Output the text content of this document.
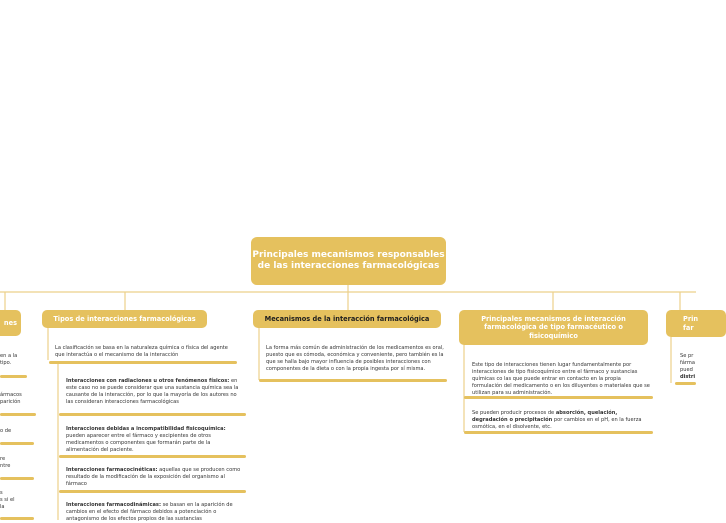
Principales mecanismos responsables de las interacciones farmacológicas
nes	Tipos de interacciones farmacológicas	Mecanismos de la interacción farmacológica	Principales mecanismos de interacción farmacológica de tipo farmacéutico o fisicoquímico
Prin far
en a la
tipo.
ármacos
parición
o de
re
ntre
s
s si el
la
La clasificación se basa en la naturaleza química o física del agente que interactúa o el mecanismo de la interacción
Interacciones con radiaciones u otros fenómenos físicos: en este caso no se puede considerar que una sustancia química sea la causante de la interacción, por lo que la mayoría de los autores no las consideran interacciones farmacológicas
Interacciones debidas a incompatibilidad fisicoquímica: pueden aparecer entre el fármaco y excipientes de otros medicamentos o componentes que formarán parte de la alimentación del paciente.
Interacciones farmacocinéticas: aquellas que se producen como resultado de la modificación de la exposición del organismo al fármaco
Interacciones farmacodinámicas: se basan en la aparición de cambios en el efecto del fármaco debidos a potenciación o antagonismo de los efectos propios de las sustancias
La forma más común de administración de los medicamentos es oral, puesto que es cómoda, económica y conveniente, pero también es la que se halla bajo mayor influencia de posibles interacciones con componentes de la dieta o con la propia ingesta por sí misma.
Este tipo de interacciones tienen lugar fundamentalmente por interacciones de tipo fisicoquímico entre el fármaco y sustancias químicas co las que puede entrar en contacto en la propia formulación del medicamento o en los diluyentes o materiales que se utilizan para su administración.
Se pueden producir procesos de absorción, quelación, degradación o precipitación por cambios en el pH, en la fuerza osmótica, en el disolvente, etc.
Se pr
fárma
pued
distri
